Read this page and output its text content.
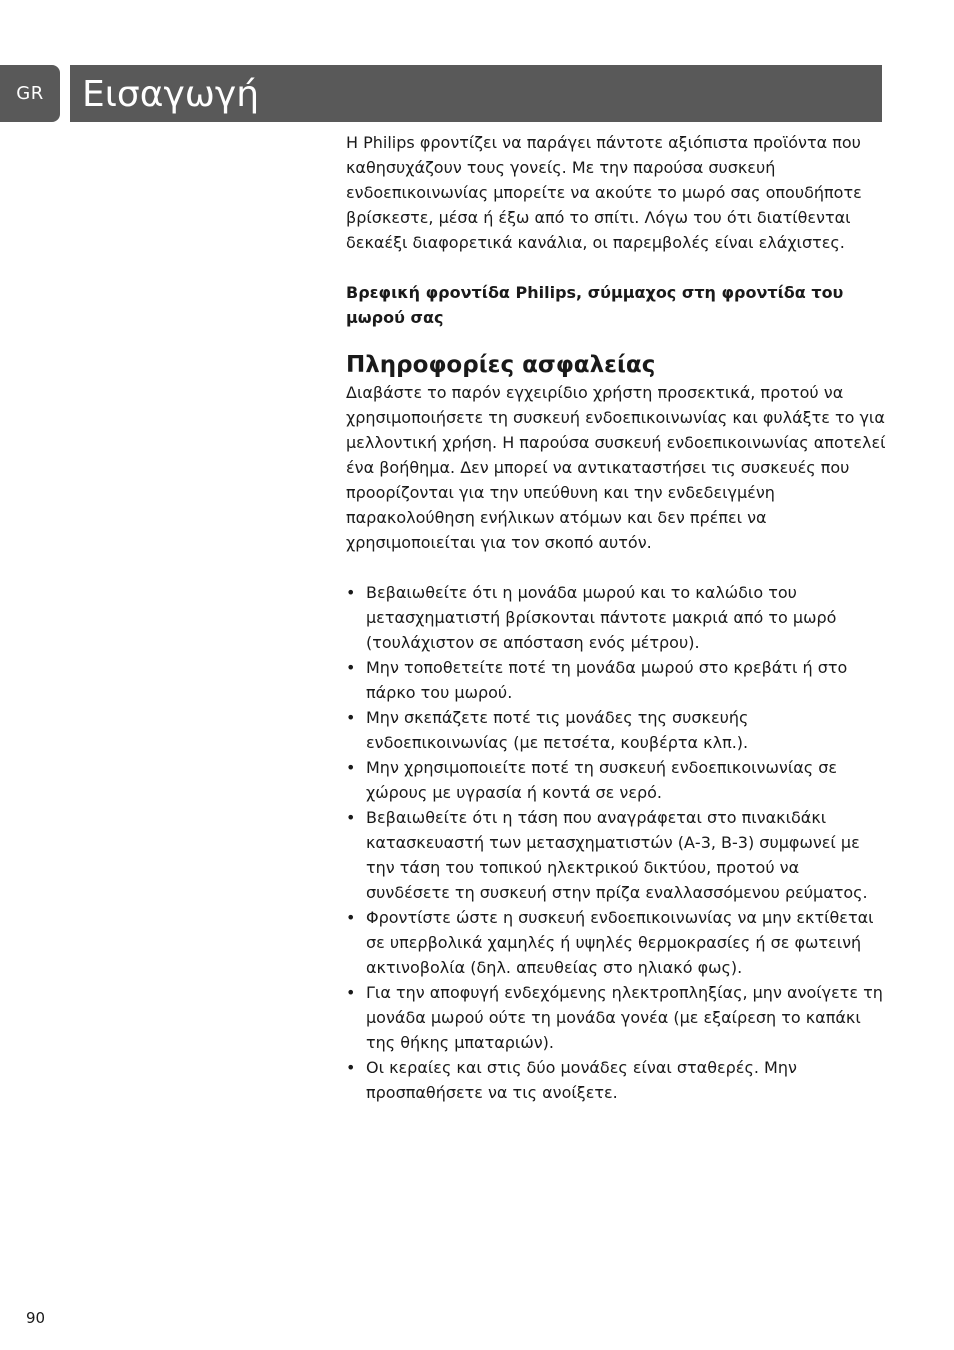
GR	Εισαγωγή

Η Philips φροντίζει να παράγει πάντοτε αξιόπιστα προϊόντα που καθησυχάζουν τους γονείς. Με την παρούσα συσκευή ενδοεπικοινωνίας μπορείτε να ακούτε το μωρό σας οπουδήποτε βρίσκεστε, μέσα ή έξω από το σπίτι. Λόγω του ότι διατίθενται δεκαέξι διαφορετικά κανάλια, οι παρεμβολές είναι ελάχιστες.

Βρεφική φροντίδα Philips, σύμμαχος στη φροντίδα του μωρού σας

Πληροφορίες ασφαλείας

Διαβάστε το παρόν εγχειρίδιο χρήστη προσεκτικά, προτού να χρησιμοποιήσετε τη συσκευή ενδοεπικοινωνίας και φυλάξτε το για μελλοντική χρήση. Η παρούσα συσκευή ενδοεπικοινωνίας αποτελεί ένα βοήθημα. Δεν μπορεί να αντικαταστήσει τις συσκευές που προορίζονται για την υπεύθυνη και την ενδεδειγμένη παρακολούθηση ενήλικων ατόμων και δεν πρέπει να χρησιμοποιείται για τον σκοπό αυτόν.

• Βεβαιωθείτε ότι η μονάδα μωρού και το καλώδιο του μετασχηματιστή βρίσκονται πάντοτε μακριά από το μωρό (τουλάχιστον σε απόσταση ενός μέτρου).
• Μην τοποθετείτε ποτέ τη μονάδα μωρού στο κρεβάτι ή στο πάρκο του μωρού.
• Μην σκεπάζετε ποτέ τις μονάδες της συσκευής ενδοεπικοινωνίας (με πετσέτα, κουβέρτα κλπ.).
• Μην χρησιμοποιείτε ποτέ τη συσκευή ενδοεπικοινωνίας σε χώρους με υγρασία ή κοντά σε νερό.
• Βεβαιωθείτε ότι η τάση που αναγράφεται στο πινακιδάκι κατασκευαστή των μετασχηματιστών (Α-3, Β-3) συμφωνεί με την τάση του τοπικού ηλεκτρικού δικτύου, προτού να συνδέσετε τη συσκευή στην πρίζα εναλλασσόμενου ρεύματος.
• Φροντίστε ώστε η συσκευή ενδοεπικοινωνίας να μην εκτίθεται σε υπερβολικά χαμηλές ή υψηλές θερμοκρασίες ή σε φωτεινή ακτινοβολία (δηλ. απευθείας στο ηλιακό φως).
• Για την αποφυγή ενδεχόμενης ηλεκτροπληξίας, μην ανοίγετε τη μονάδα μωρού ούτε τη μονάδα γονέα (με εξαίρεση το καπάκι της θήκης μπαταριών).
• Οι κεραίες και στις δύο μονάδες είναι σταθερές. Μην προσπαθήσετε να τις ανοίξετε.
90
